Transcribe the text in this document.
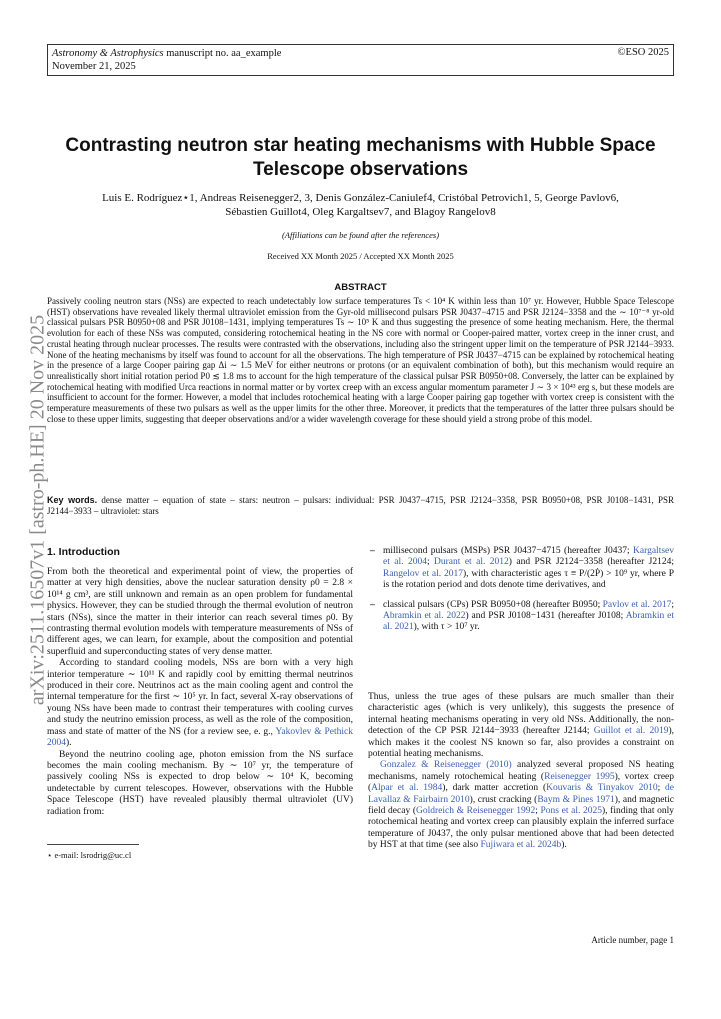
Astronomy & Astrophysics manuscript no. aa_example
November 21, 2025
©ESO 2025
Contrasting neutron star heating mechanisms with Hubble Space
Telescope observations
Luis E. Rodríguez⋆1, Andreas Reisenegger2, 3, Denis González-Caniulef4, Cristóbal Petrovich1, 5, George Pavlov6,
Sébastien Guillot4, Oleg Kargaltsev7, and Blagoy Rangelov8
(Affiliations can be found after the references)
Received XX Month 2025 / Accepted XX Month 2025
ABSTRACT
Passively cooling neutron stars (NSs) are expected to reach undetectably low surface temperatures Ts < 10⁴ K within less than 10⁷ yr. However, Hubble Space Telescope (HST) observations have revealed likely thermal ultraviolet emission from the Gyr-old millisecond pulsars PSR J0437−4715 and PSR J2124−3358 and the ∼ 10⁷⁻⁸ yr-old classical pulsars PSR B0950+08 and PSR J0108−1431, implying temperatures Ts ∼ 10⁵ K and thus suggesting the presence of some heating mechanism. Here, the thermal evolution for each of these NSs was computed, considering rotochemical heating in the NS core with normal or Cooper-paired matter, vortex creep in the inner crust, and crustal heating through nuclear processes. The results were contrasted with the observations, including also the stringent upper limit on the temperature of PSR J2144−3933. None of the heating mechanisms by itself was found to account for all the observations. The high temperature of PSR J0437−4715 can be explained by rotochemical heating in the presence of a large Cooper pairing gap Δi ∼ 1.5 MeV for either neutrons or protons (or an equivalent combination of both), but this mechanism would require an unrealistically short initial rotation period P0 ≲ 1.8 ms to account for the high temperature of the classical pulsar PSR B0950+08. Conversely, the latter can be explained by rotochemical heating with modified Urca reactions in normal matter or by vortex creep with an excess angular momentum parameter J ∼ 3 × 10⁴³ erg s, but these models are insufficient to account for the former. However, a model that includes rotochemical heating with a large Cooper pairing gap together with vortex creep is consistent with the temperature measurements of these two pulsars as well as the upper limits for the other three. Moreover, it predicts that the temperatures of the latter three pulsars should be close to these upper limits, suggesting that deeper observations and/or a wider wavelength coverage for these should yield a strong probe of this model.
Key words. dense matter – equation of state – stars: neutron – pulsars: individual: PSR J0437−4715, PSR J2124−3358, PSR B0950+08, PSR J0108−1431, PSR J2144−3933 – ultraviolet: stars
arXiv:2511.16507v1 [astro-ph.HE] 20 Nov 2025
1. Introduction

From both the theoretical and experimental point of view, the properties of matter at very high densities, above the nuclear saturation density ρ0 = 2.8 × 10¹⁴ g cm³, are still unknown and remain as an open problem for fundamental physics. However, they can be studied through the thermal evolution of neutron stars (NSs), since the matter in their interior can reach several times ρ0. By contrasting thermal evolution models with temperature measurements of NSs of different ages, we can learn, for example, about the composition and potential superfluid and superconducting states of very dense matter.

According to standard cooling models, NSs are born with a very high interior temperature ∼ 10¹¹ K and rapidly cool by emitting thermal neutrinos produced in their core. Neutrinos act as the main cooling agent and control the internal temperature for the first ∼ 10⁵ yr. In fact, several X-ray observations of young NSs have been made to contrast their temperatures with cooling curves and study the neutrino emission process, as well as the role of the composition, mass and state of matter of the NS (for a review see, e. g., Yakovlev & Pethick 2004).

Beyond the neutrino cooling age, photon emission from the NS surface becomes the main cooling mechanism. By ∼ 10⁷ yr, the temperature of passively cooling NSs is expected to drop below ∼ 10⁴ K, becoming undetectable by current telescopes. However, observations with the Hubble Space Telescope (HST) have revealed plausibly thermal ultraviolet (UV) radiation from:

⋆ e-mail: lsrodrig@uc.cl
– millisecond pulsars (MSPs) PSR J0437−4715 (hereafter J0437; Kargaltsev et al. 2004; Durant et al. 2012) and PSR J2124−3358 (hereafter J2124; Rangelov et al. 2017), with characteristic ages τ ≡ P/(2Ṗ) > 10⁹ yr, where P is the rotation period and dots denote time derivatives, and
– classical pulsars (CPs) PSR B0950+08 (hereafter B0950; Pavlov et al. 2017; Abramkin et al. 2022) and PSR J0108−1431 (hereafter J0108; Abramkin et al. 2021), with τ > 10⁷ yr.

Thus, unless the true ages of these pulsars are much smaller than their characteristic ages (which is very unlikely), this suggests the presence of internal heating mechanisms operating in very old NSs. Additionally, the non-detection of the CP PSR J2144−3933 (hereafter J2144; Guillot et al. 2019), which makes it the coolest NS known so far, also provides a constraint on potential heating mechanisms.

Gonzalez & Reisenegger (2010) analyzed several proposed NS heating mechanisms, namely rotochemical heating (Reisenegger 1995), vortex creep (Alpar et al. 1984), dark matter accretion (Kouvaris & Tinyakov 2010; de Lavallaz & Fairbairn 2010), crust cracking (Baym & Pines 1971), and magnetic field decay (Goldreich & Reisenegger 1992; Pons et al. 2025), finding that only rotochemical heating and vortex creep can plausibly explain the inferred surface temperature of J0437, the only pulsar mentioned above that had been detected by HST at that time (see also Fujiwara et al. 2024b).

Article number, page 1
